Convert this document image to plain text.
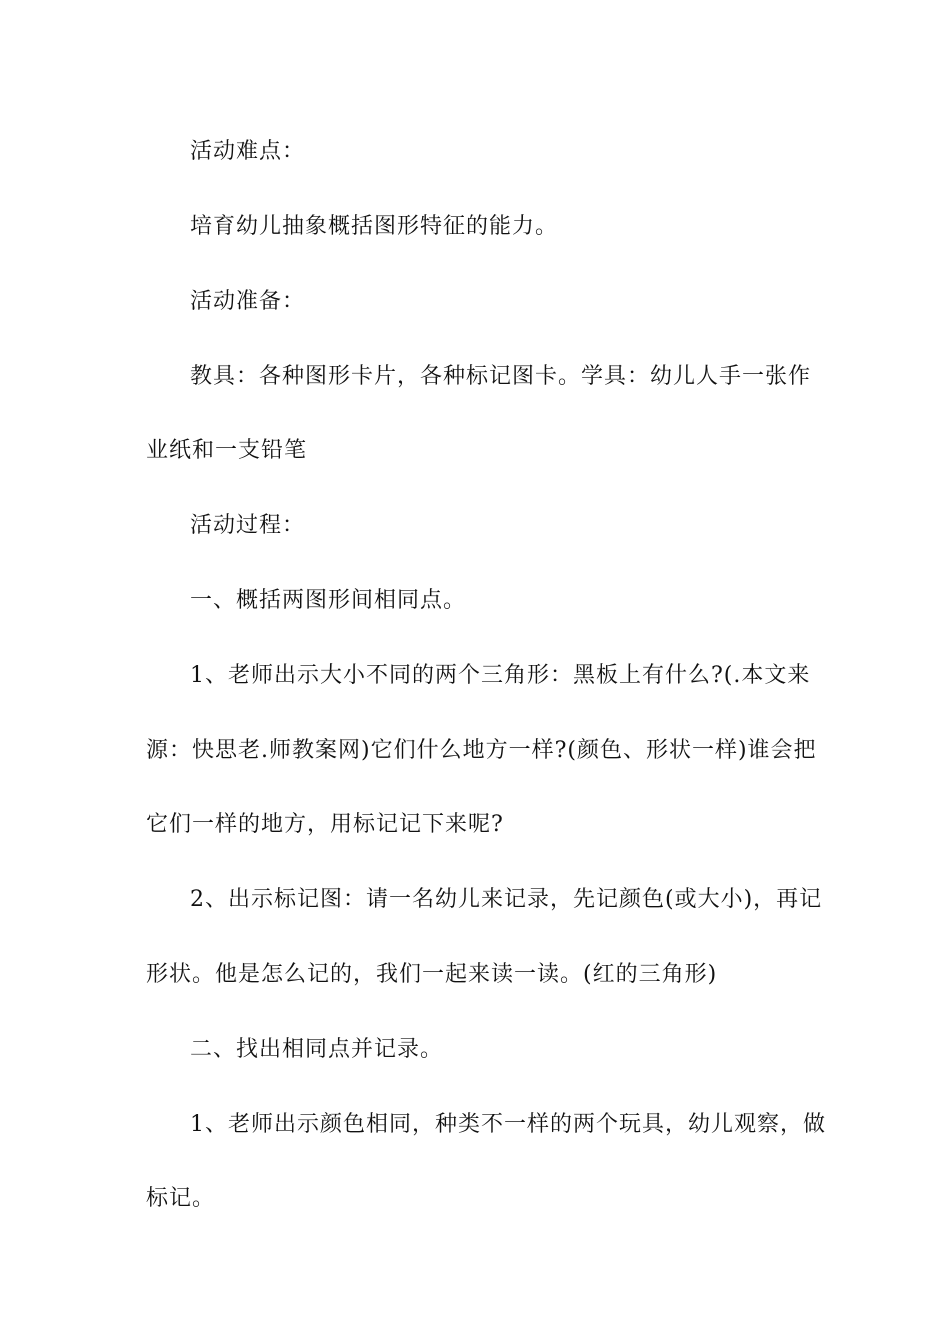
活动难点：
培育幼儿抽象概括图形特征的能力。
活动准备：
教具：各种图形卡片，各种标记图卡。学具：幼儿人手一张作
业纸和一支铅笔
活动过程：
一、概括两图形间相同点。
1、老师出示大小不同的两个三角形：黑板上有什么?(.本文来
源：快思老.师教案网)它们什么地方一样?(颜色、形状一样)谁会把
它们一样的地方，用标记记下来呢?
2、出示标记图：请一名幼儿来记录，先记颜色(或大小)，再记
形状。他是怎么记的，我们一起来读一读。(红的三角形)
二、找出相同点并记录。
1、老师出示颜色相同，种类不一样的两个玩具，幼儿观察，做
标记。
